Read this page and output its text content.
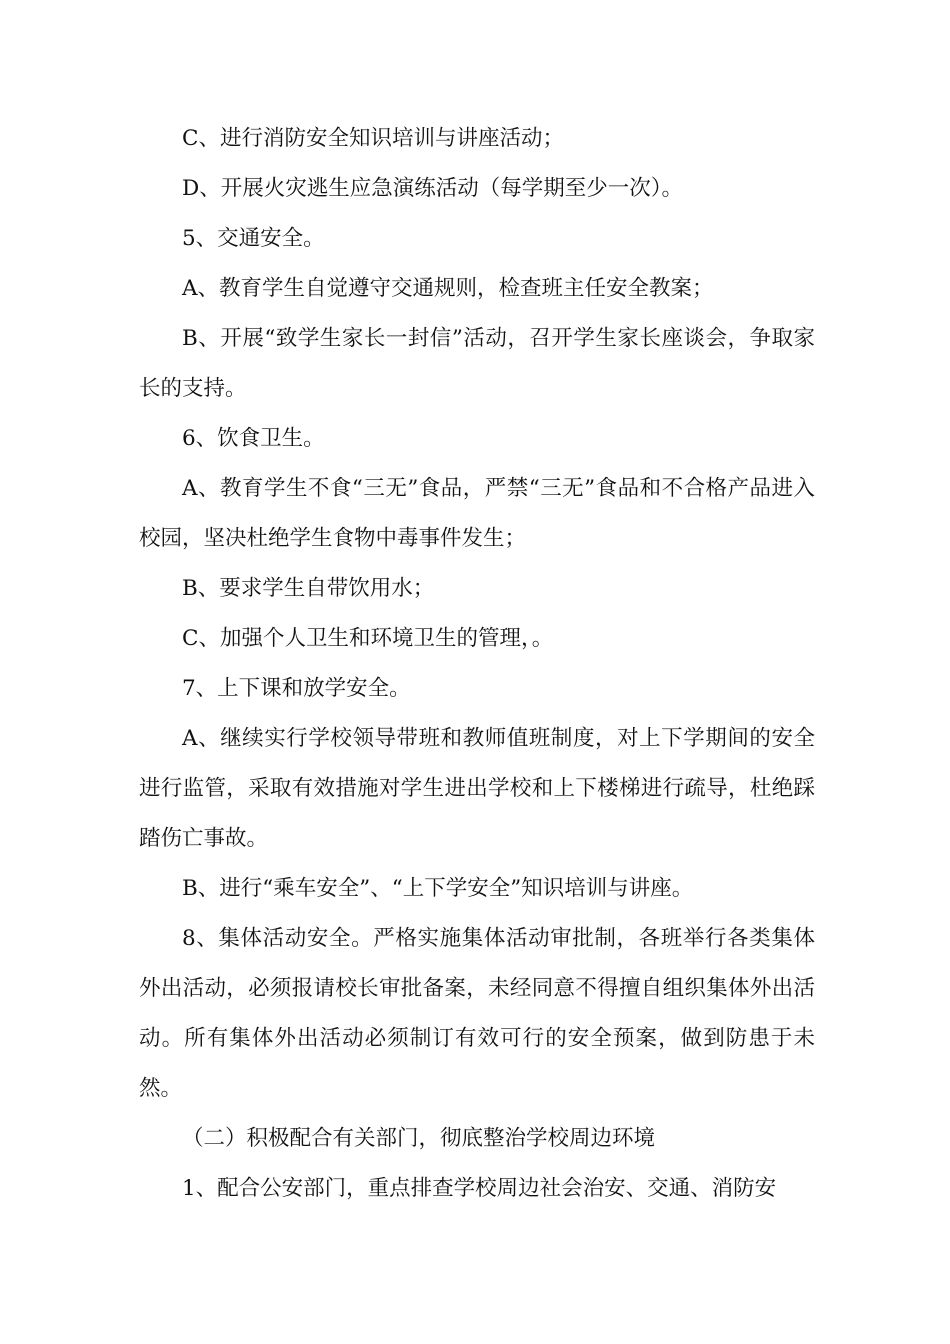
C、进行消防安全知识培训与讲座活动；

D、开展火灾逃生应急演练活动（每学期至少一次）。

5、交通安全。

A、教育学生自觉遵守交通规则，检查班主任安全教案；

B、开展“致学生家长一封信”活动，召开学生家长座谈会，争取家长的支持。

6、饮食卫生。

A、教育学生不食“三无”食品，严禁“三无”食品和不合格产品进入校园，坚决杜绝学生食物中毒事件发生；

B、要求学生自带饮用水；

C、加强个人卫生和环境卫生的管理，。

7、上下课和放学安全。

A、继续实行学校领导带班和教师值班制度，对上下学期间的安全进行监管，采取有效措施对学生进出学校和上下楼梯进行疏导，杜绝踩踏伤亡事故。

B、进行“乘车安全”、“上下学安全”知识培训与讲座。

8、集体活动安全。严格实施集体活动审批制，各班举行各类集体外出活动，必须报请校长审批备案，未经同意不得擅自组织集体外出活动。所有集体外出活动必须制订有效可行的安全预案，做到防患于未然。

（二）积极配合有关部门，彻底整治学校周边环境

1、配合公安部门，重点排查学校周边社会治安、交通、消防安
